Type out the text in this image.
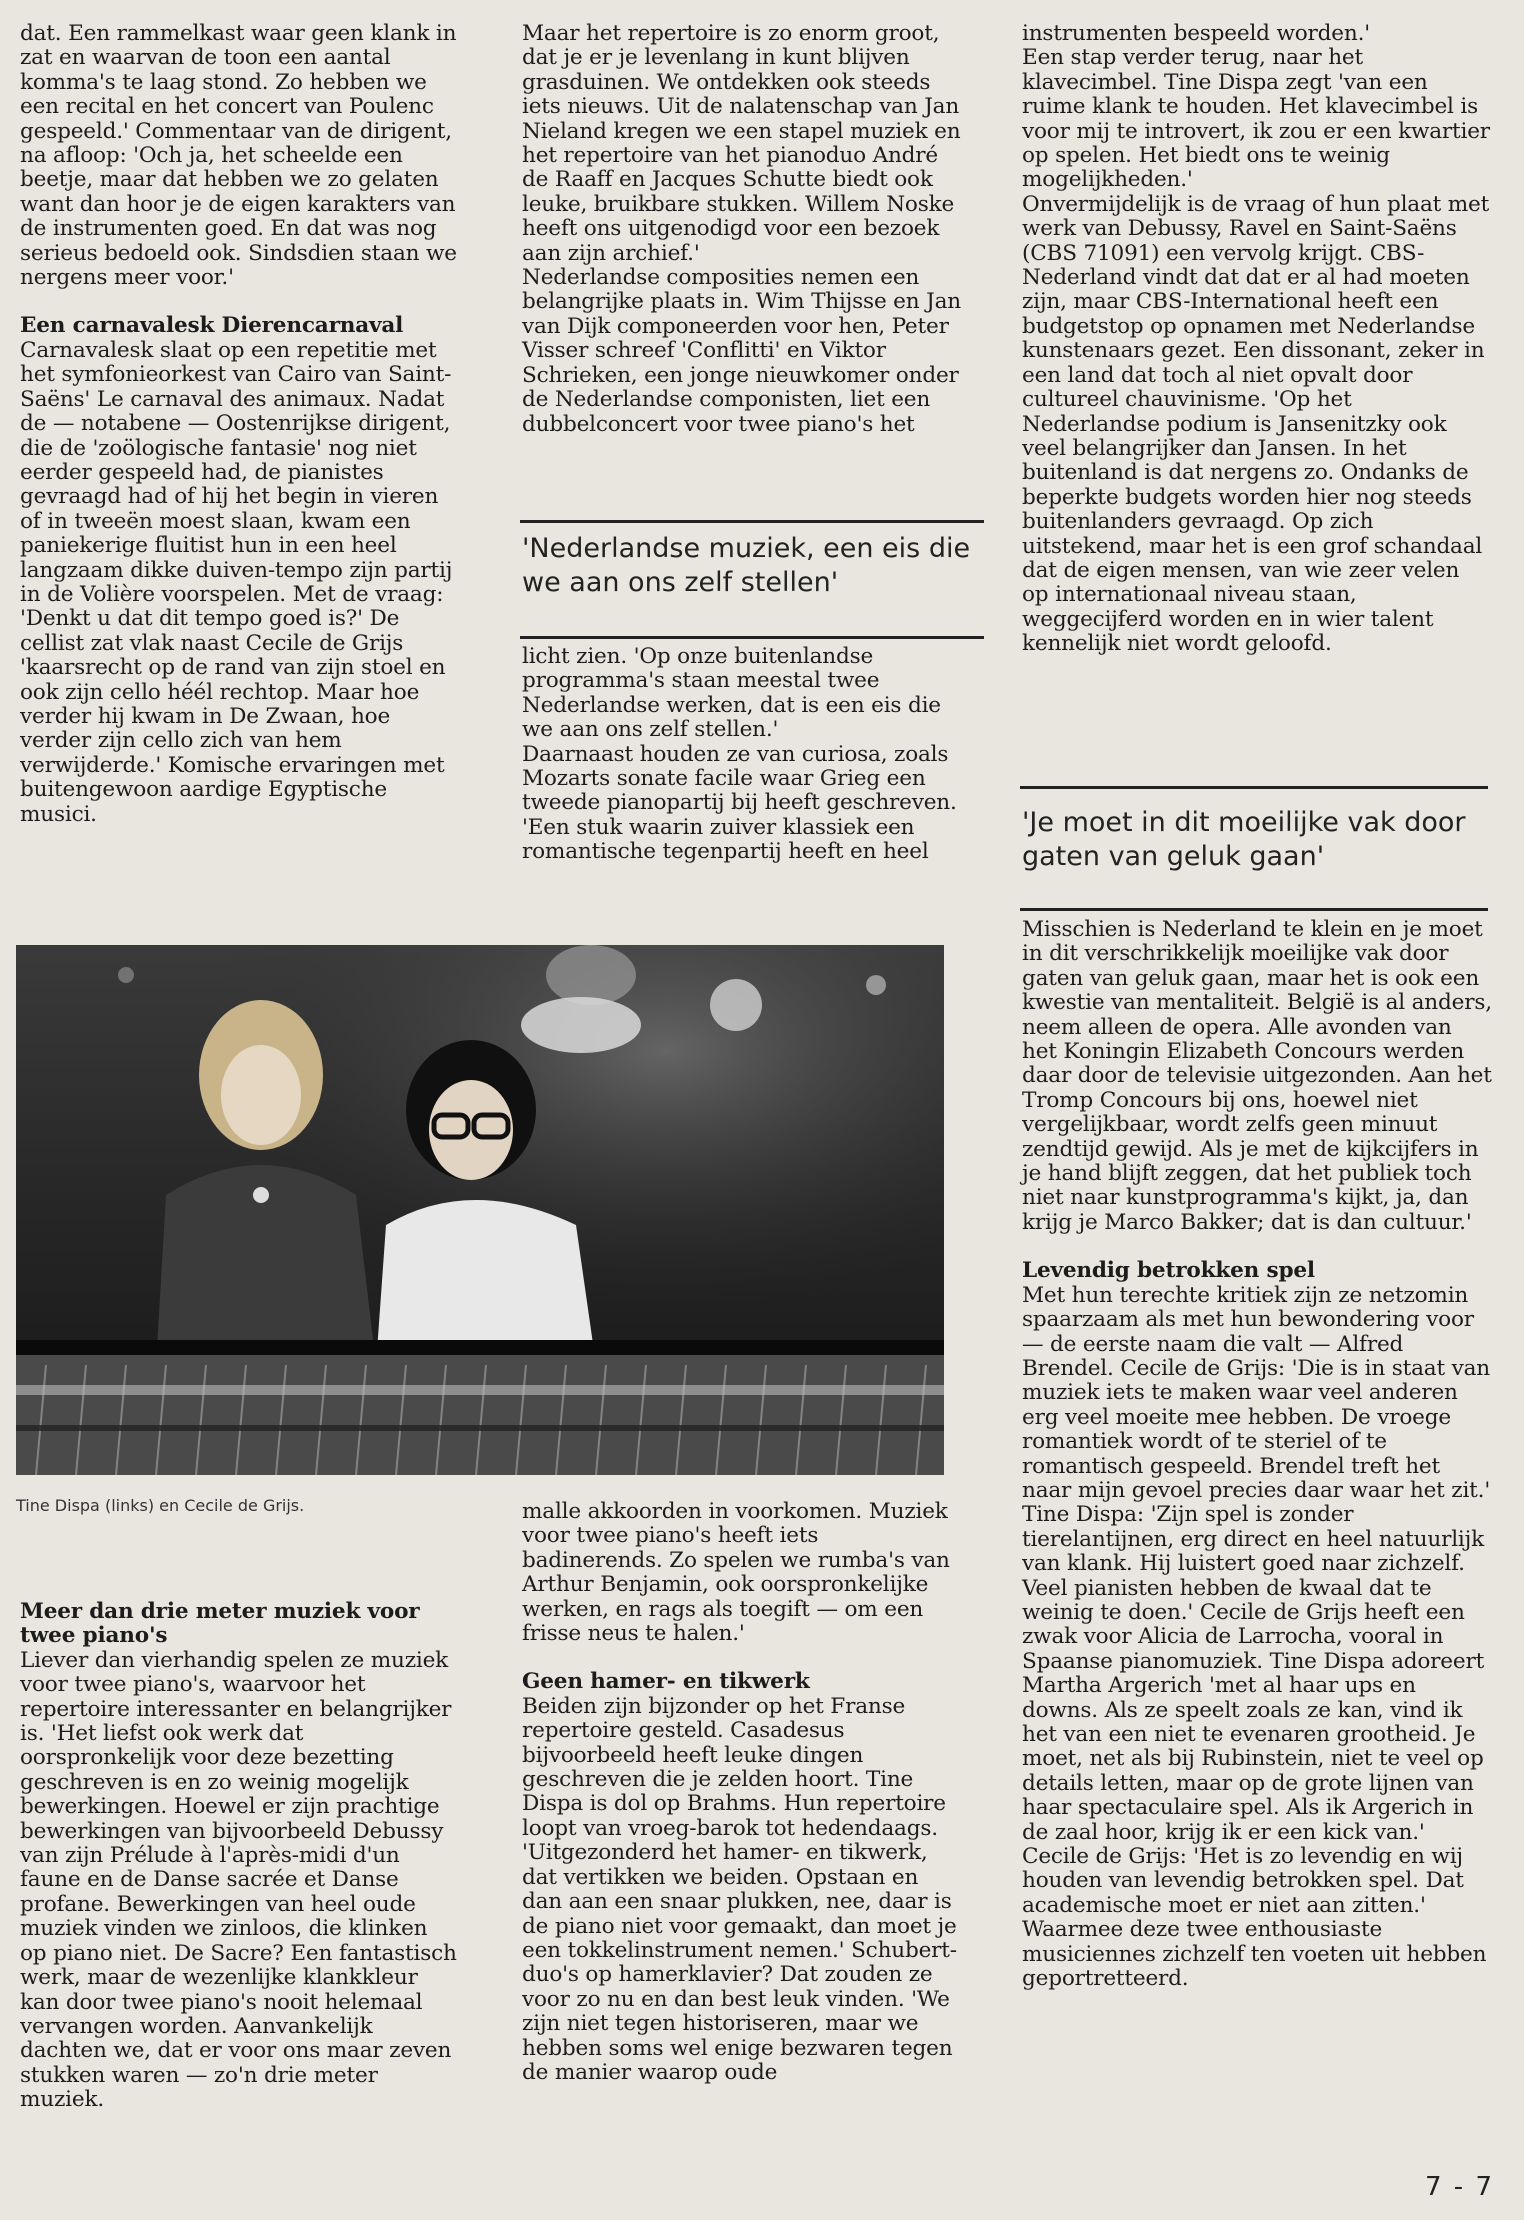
dat. Een rammelkast waar geen klank in zat en waarvan de toon een aantal komma's te laag stond. Zo hebben we een recital en het concert van Poulenc gespeeld.' Commentaar van de dirigent, na afloop: 'Och ja, het scheelde een beetje, maar dat hebben we zo gelaten want dan hoor je de eigen karakters van de instrumenten goed. En dat was nog serieus bedoeld ook. Sindsdien staan we nergens meer voor.'

Een carnavalesk Dierencarnaval

Carnavalesk slaat op een repetitie met het symfonieorkest van Cairo van Saint-Saëns' Le carnaval des animaux. Nadat de — notabene — Oostenrijkse dirigent, die de 'zoölogische fantasie' nog niet eerder gespeeld had, de pianistes gevraagd had of hij het begin in vieren of in tweeën moest slaan, kwam een paniekerige fluitist hun in een heel langzaam dikke duiven-tempo zijn partij in de Volière voorspelen. Met de vraag: 'Denkt u dat dit tempo goed is?' De cellist zat vlak naast Cecile de Grijs 'kaarsrecht op de rand van zijn stoel en ook zijn cello héél rechtop. Maar hoe verder hij kwam in De Zwaan, hoe verder zijn cello zich van hem verwijderde.' Komische ervaringen met buitengewoon aardige Egyptische musici.

Maar het repertoire is zo enorm groot, dat je er je levenlang in kunt blijven grasduinen. We ontdekken ook steeds iets nieuws. Uit de nalatenschap van Jan Nieland kregen we een stapel muziek en het repertoire van het pianoduo André de Raaff en Jacques Schutte biedt ook leuke, bruikbare stukken. Willem Noske heeft ons uitgenodigd voor een bezoek aan zijn archief.'

Nederlandse composities nemen een belangrijke plaats in. Wim Thijsse en Jan van Dijk componeerden voor hen, Peter Visser schreef 'Conflitti' en Viktor Schrieken, een jonge nieuwkomer onder de Nederlandse componisten, liet een dubbelconcert voor twee piano's het

'Nederlandse muziek, een eis die we aan ons zelf stellen'

licht zien. 'Op onze buitenlandse programma's staan meestal twee Nederlandse werken, dat is een eis die we aan ons zelf stellen.'

Daarnaast houden ze van curiosa, zoals Mozarts sonate facile waar Grieg een tweede pianopartij bij heeft geschreven. 'Een stuk waarin zuiver klassiek een romantische tegenpartij heeft en heel

instrumenten bespeeld worden.'

Een stap verder terug, naar het klavecimbel. Tine Dispa zegt 'van een ruime klank te houden. Het klavecimbel is voor mij te introvert, ik zou er een kwartier op spelen. Het biedt ons te weinig mogelijkheden.'

Onvermijdelijk is de vraag of hun plaat met werk van Debussy, Ravel en Saint-Saëns (CBS 71091) een vervolg krijgt. CBS-Nederland vindt dat dat er al had moeten zijn, maar CBS-International heeft een budgetstop op opnamen met Nederlandse kunstenaars gezet. Een dissonant, zeker in een land dat toch al niet opvalt door cultureel chauvinisme. 'Op het Nederlandse podium is Jansenitzky ook veel belangrijker dan Jansen. In het buitenland is dat nergens zo. Ondanks de beperkte budgets worden hier nog steeds buitenlanders gevraagd. Op zich uitstekend, maar het is een grof schandaal dat de eigen mensen, van wie zeer velen op internationaal niveau staan, weggecijferd worden en in wier talent kennelijk niet wordt geloofd.

'Je moet in dit moeilijke vak door gaten van geluk gaan'

Misschien is Nederland te klein en je moet in dit verschrikkelijk moeilijke vak door gaten van geluk gaan, maar het is ook een kwestie van mentaliteit. België is al anders, neem alleen de opera. Alle avonden van het Koningin Elizabeth Concours werden daar door de televisie uitgezonden. Aan het Tromp Concours bij ons, hoewel niet vergelijkbaar, wordt zelfs geen minuut zendtijd gewijd. Als je met de kijkcijfers in je hand blijft zeggen, dat het publiek toch niet naar kunstprogramma's kijkt, ja, dan krijg je Marco Bakker; dat is dan cultuur.'

Levendig betrokken spel

Met hun terechte kritiek zijn ze netzomin spaarzaam als met hun bewondering voor — de eerste naam die valt — Alfred Brendel. Cecile de Grijs: 'Die is in staat van muziek iets te maken waar veel anderen erg veel moeite mee hebben. De vroege romantiek wordt of te steriel of te romantisch gespeeld. Brendel treft het naar mijn gevoel precies daar waar het zit.' Tine Dispa: 'Zijn spel is zonder tierelantijnen, erg direct en heel natuurlijk van klank. Hij luistert goed naar zichzelf. Veel pianisten hebben de kwaal dat te weinig te doen.' Cecile de Grijs heeft een zwak voor Alicia de Larrocha, vooral in Spaanse pianomuziek. Tine Dispa adoreert Martha Argerich 'met al haar ups en downs. Als ze speelt zoals ze kan, vind ik het van een niet te evenaren grootheid. Je moet, net als bij Rubinstein, niet te veel op details letten, maar op de grote lijnen van haar spectaculaire spel. Als ik Argerich in de zaal hoor, krijg ik er een kick van.' Cecile de Grijs: 'Het is zo levendig en wij houden van levendig betrokken spel. Dat academische moet er niet aan zitten.' Waarmee deze twee enthousiaste musiciennes zichzelf ten voeten uit hebben geportretteerd.

Tine Dispa (links) en Cecile de Grijs.
Meer dan drie meter muziek voor twee piano's

Liever dan vierhandig spelen ze muziek voor twee piano's, waarvoor het repertoire interessanter en belangrijker is. 'Het liefst ook werk dat oorspronkelijk voor deze bezetting geschreven is en zo weinig mogelijk bewerkingen. Hoewel er zijn prachtige bewerkingen van bijvoorbeeld Debussy van zijn Prélude à l'après-midi d'un faune en de Danse sacrée et Danse profane. Bewerkingen van heel oude muziek vinden we zinloos, die klinken op piano niet. De Sacre? Een fantastisch werk, maar de wezenlijke klankkleur kan door twee piano's nooit helemaal vervangen worden. Aanvankelijk dachten we, dat er voor ons maar zeven stukken waren — zo'n drie meter muziek.

malle akkoorden in voorkomen. Muziek voor twee piano's heeft iets badinerends. Zo spelen we rumba's van Arthur Benjamin, ook oorspronkelijke werken, en rags als toegift — om een frisse neus te halen.'

Geen hamer- en tikwerk

Beiden zijn bijzonder op het Franse repertoire gesteld. Casadesus bijvoorbeeld heeft leuke dingen geschreven die je zelden hoort. Tine Dispa is dol op Brahms. Hun repertoire loopt van vroeg-barok tot hedendaags. 'Uitgezonderd het hamer- en tikwerk, dat vertikken we beiden. Opstaan en dan aan een snaar plukken, nee, daar is de piano niet voor gemaakt, dan moet je een tokkelinstrument nemen.' Schubert-duo's op hamerklavier? Dat zouden ze voor zo nu en dan best leuk vinden. 'We zijn niet tegen historiseren, maar we hebben soms wel enige bezwaren tegen de manier waarop oude

7 - 7
